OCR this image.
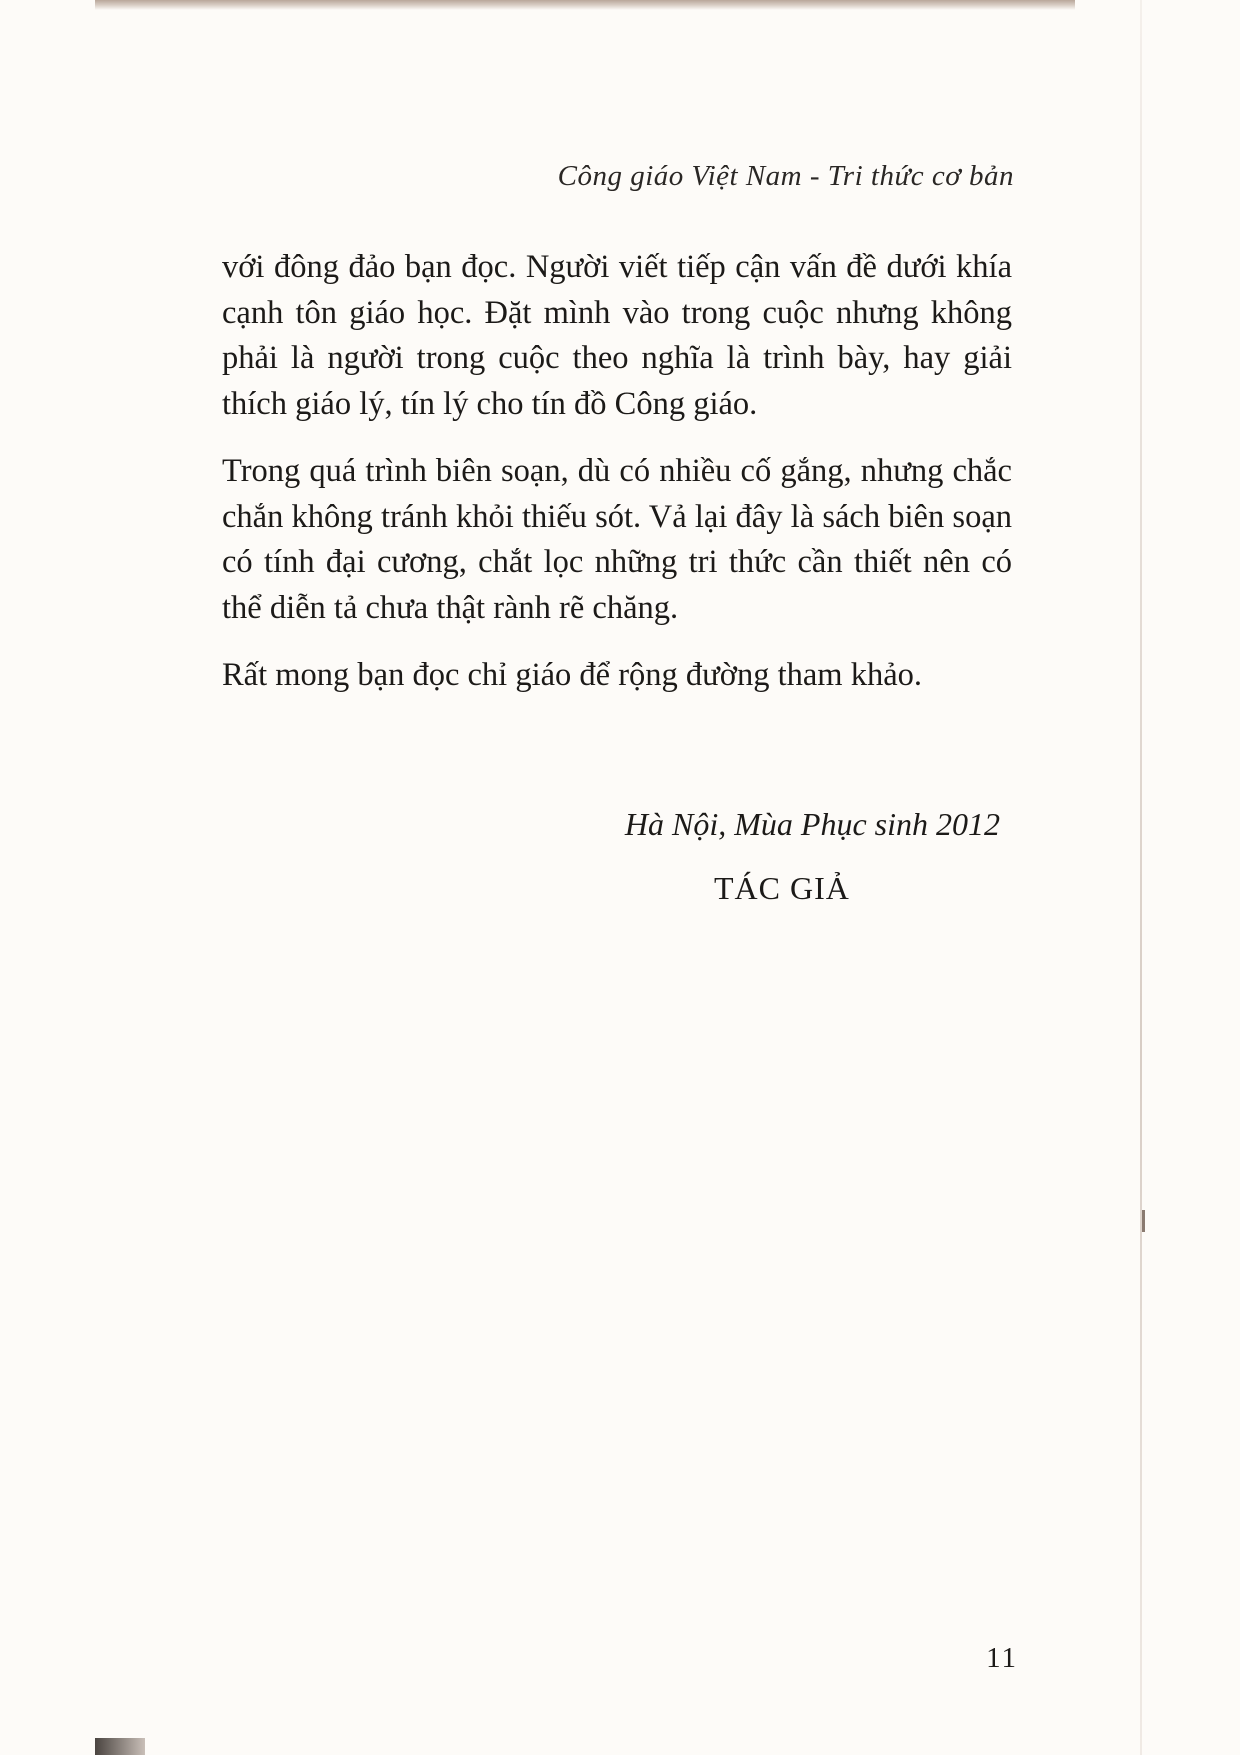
Công giáo Việt Nam - Tri thức cơ bản

với đông đảo bạn đọc. Người viết tiếp cận vấn đề dưới khía cạnh tôn giáo học. Đặt mình vào trong cuộc nhưng không phải là người trong cuộc theo nghĩa là trình bày, hay giải thích giáo lý, tín lý cho tín đồ Công giáo.

Trong quá trình biên soạn, dù có nhiều cố gắng, nhưng chắc chắn không tránh khỏi thiếu sót. Vả lại đây là sách biên soạn có tính đại cương, chắt lọc những tri thức cần thiết nên có thể diễn tả chưa thật rành rẽ chăng.

Rất mong bạn đọc chỉ giáo để rộng đường tham khảo.

Hà Nội, Mùa Phục sinh 2012
TÁC GIẢ
11
